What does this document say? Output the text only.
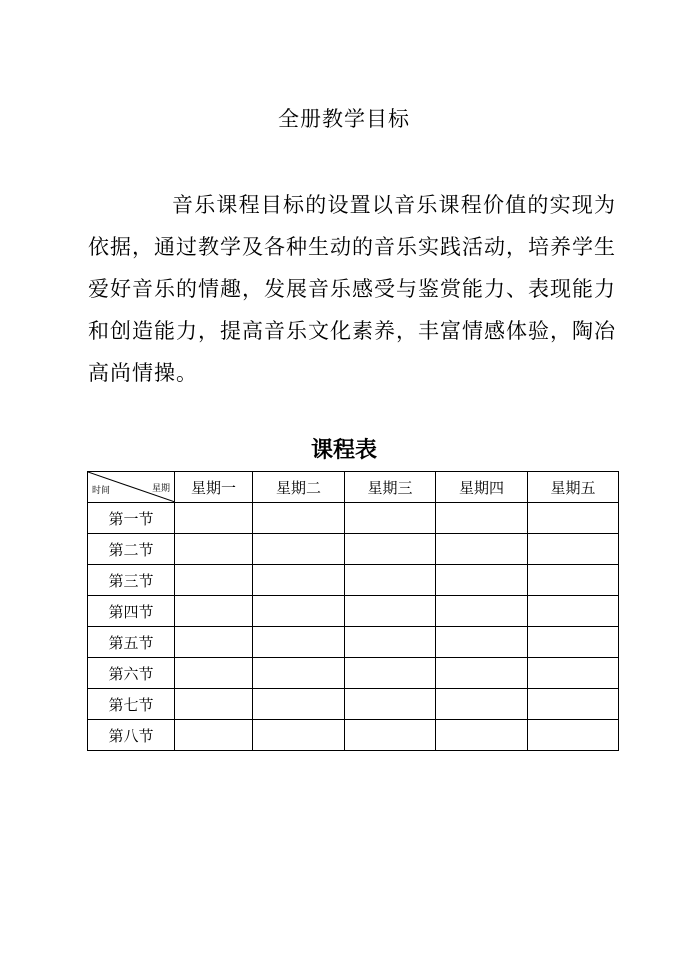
全册教学目标
音乐课程目标的设置以音乐课程价值的实现为依据，通过教学及各种生动的音乐实践活动，培养学生爱好音乐的情趣，发展音乐感受与鉴赏能力、表现能力和创造能力，提高音乐文化素养，丰富情感体验，陶冶高尚情操。
课程表
时间 星期	星期一	星期二	星期三	星期四	星期五
第一节					
第二节					
第三节					
第四节					
第五节					
第六节					
第七节					
第八节					
